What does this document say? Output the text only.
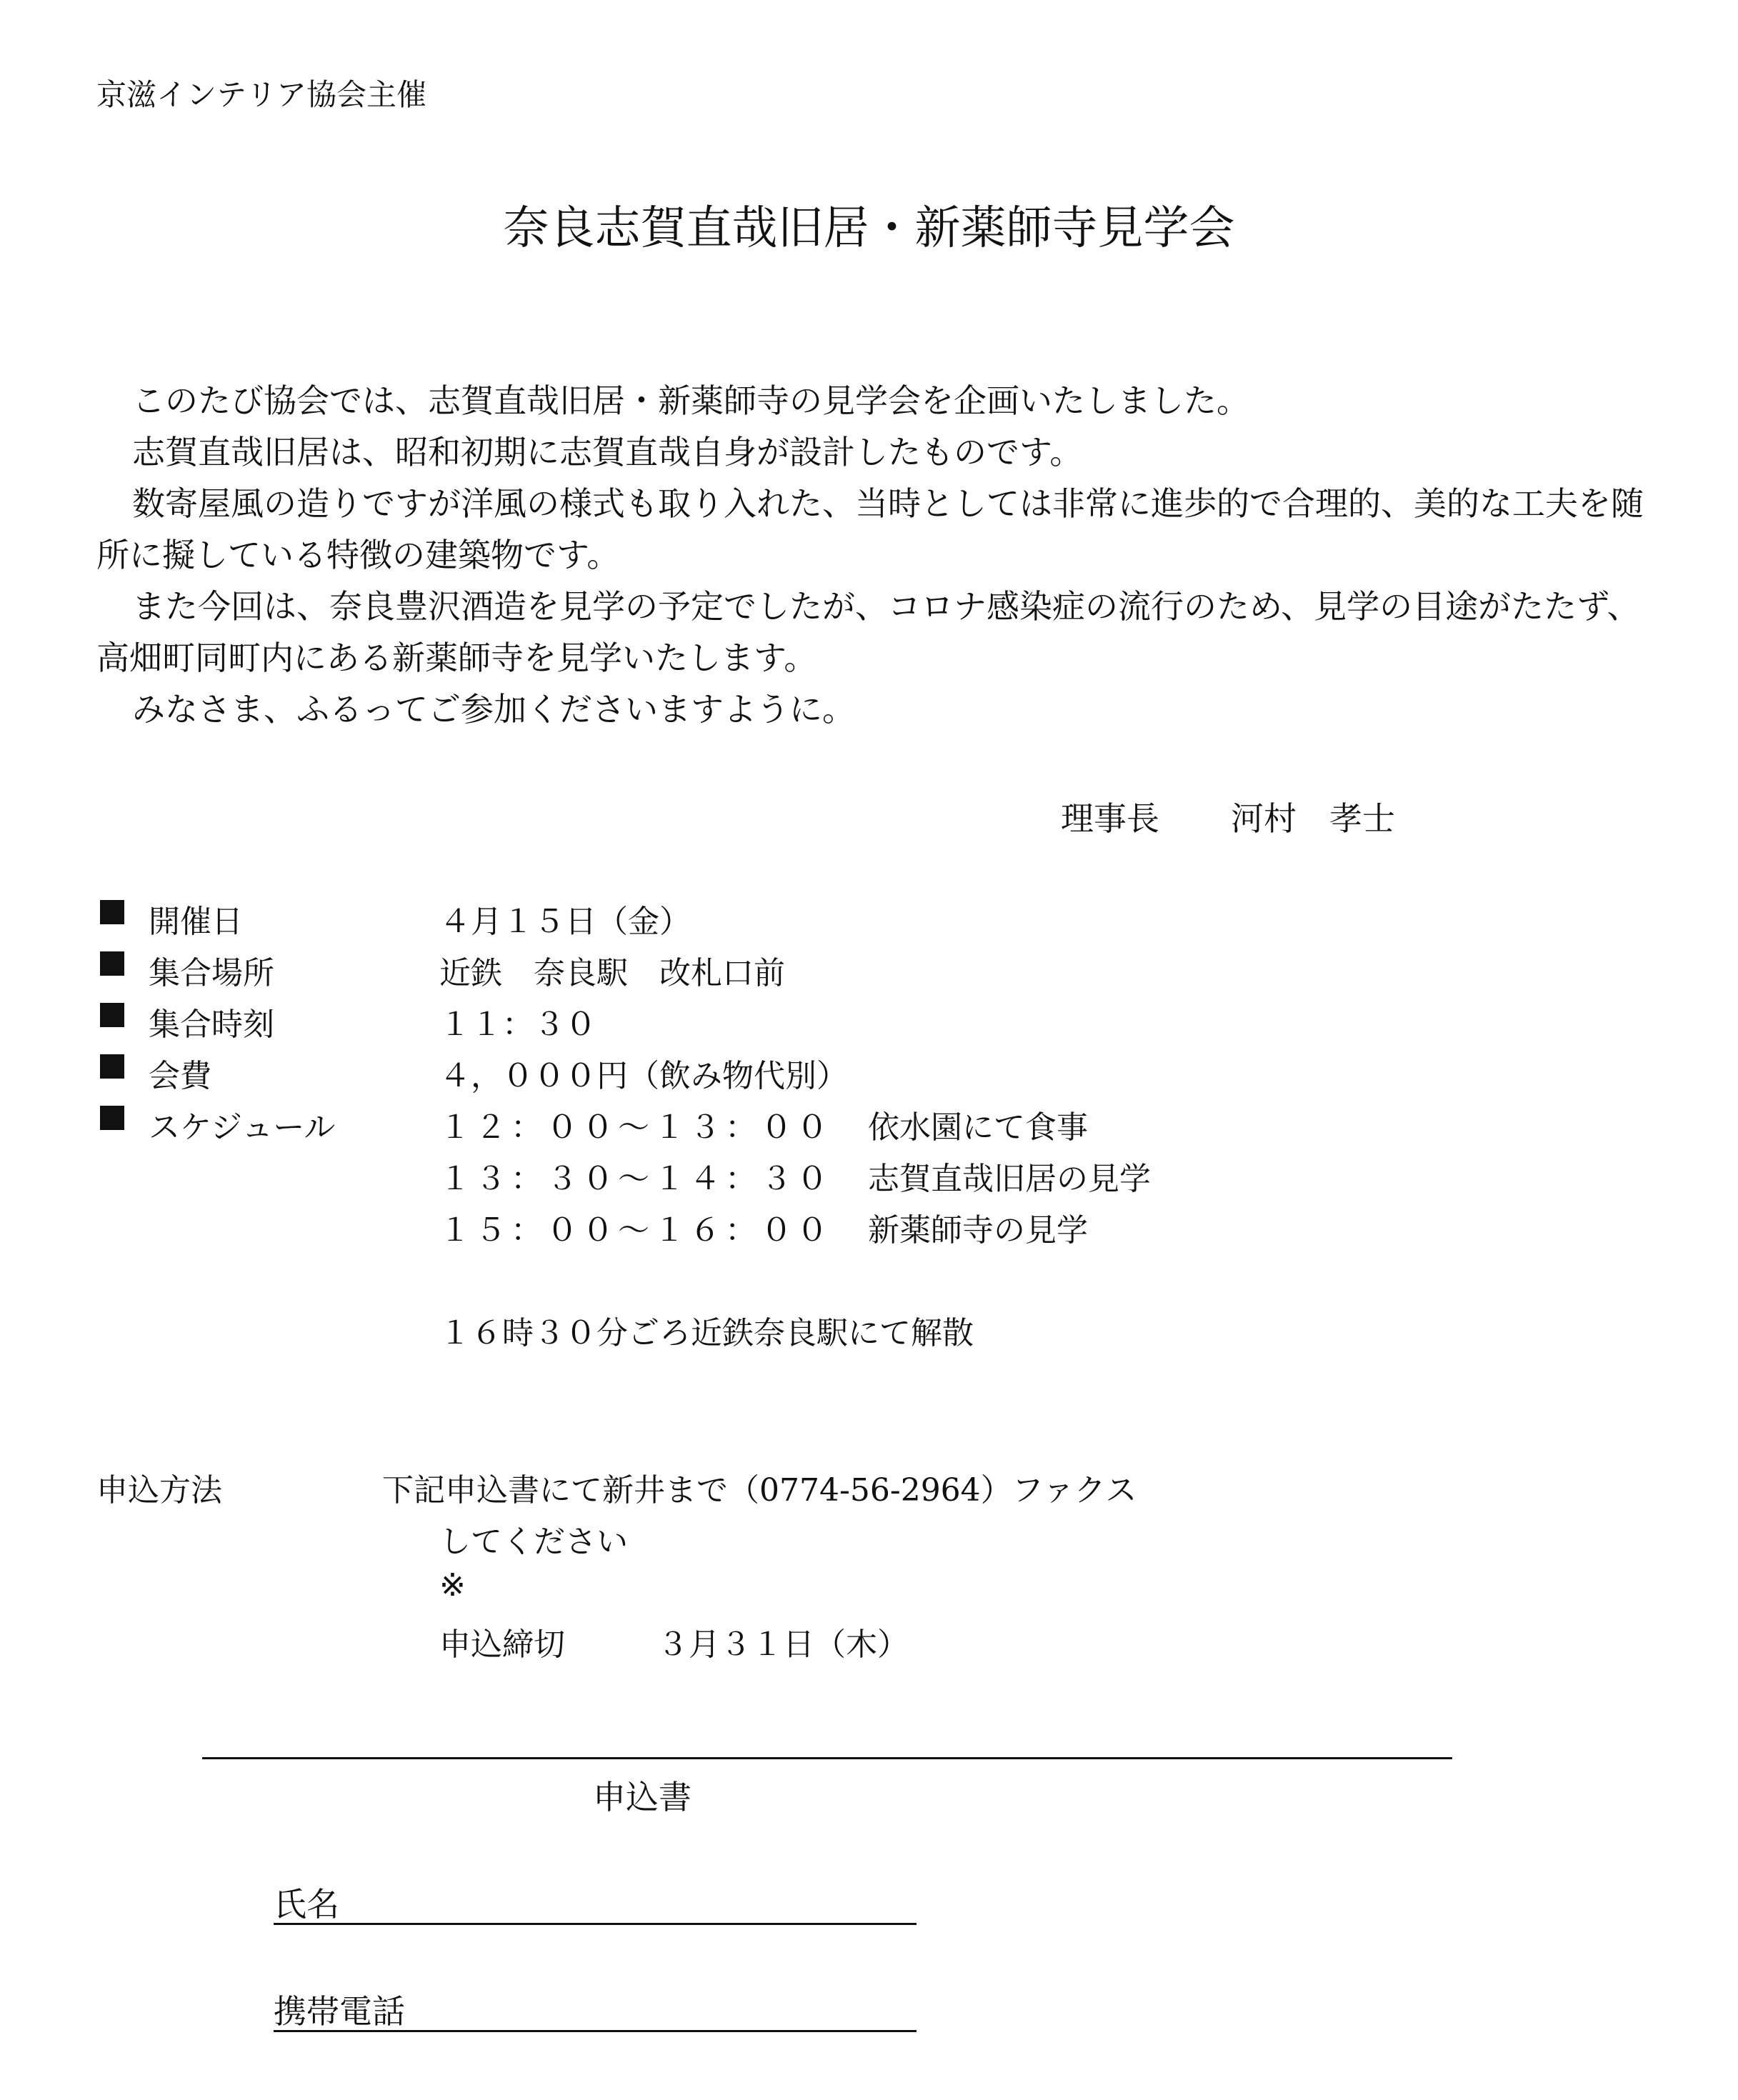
京滋インテリア協会主催
奈良志賀直哉旧居・新薬師寺見学会

このたび協会では、志賀直哉旧居・新薬師寺の見学会を企画いたしました。

志賀直哉旧居は、昭和初期に志賀直哉自身が設計したものです。

数寄屋風の造りですが洋風の様式も取り入れた、当時としては非常に進歩的で合理的、美的な工夫を随所に擬している特徴の建築物です。

また今回は、奈良豊沢酒造を見学の予定でしたが、コロナ感染症の流行のため、見学の目途がたたず、高畑町同町内にある新薬師寺を見学いたします。

みなさま、ふるってご参加くださいますように。

理事長 河村　孝士
開催日	４月１５日（金）
集合場所	近鉄　奈良駅　改札口前
集合時刻	１１：３０
会費	４，０００円（飲み物代別）
スケジュール	１２：００～１３：００ 依水園にて食事
１３：３０～１４：３０ 志賀直哉旧居の見学
１５：００～１６：００ 新薬師寺の見学
１６時３０分ごろ近鉄奈良駅にて解散
申込方法	下記申込書にて新井まで（0774-56-2964）ファクス
してください
※
申込締切	３月３１日（木）
申込書
氏名
携帯電話
